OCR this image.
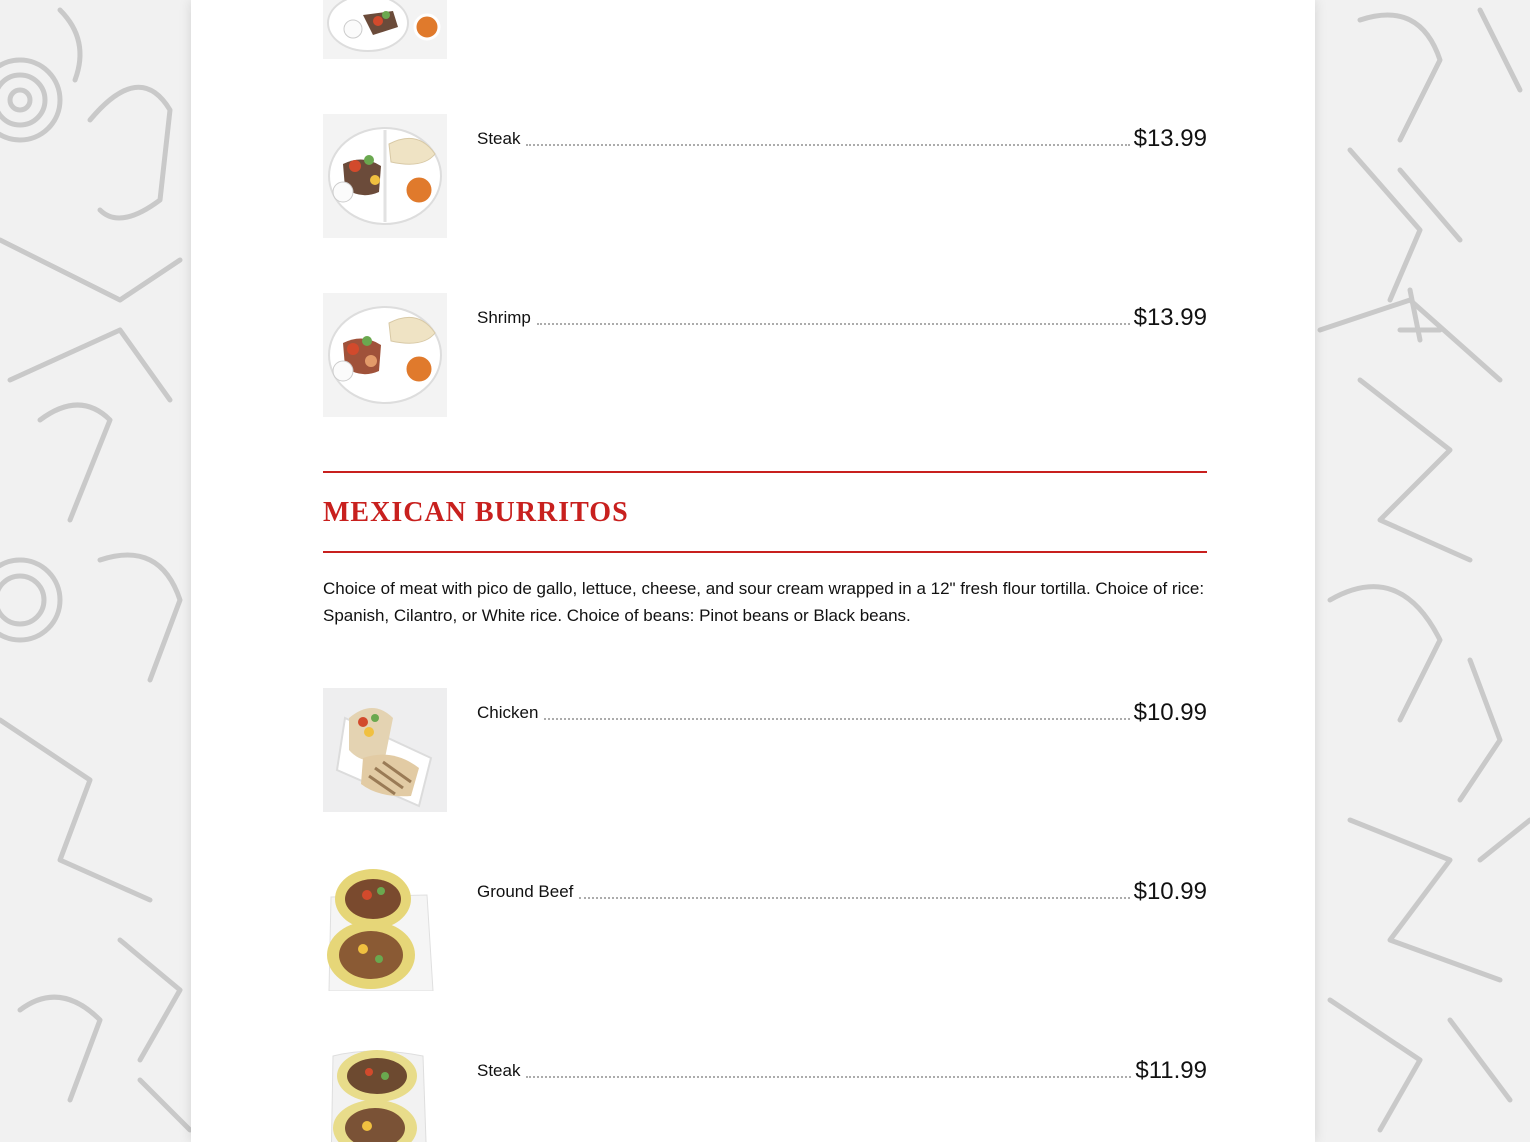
Steak	$13.99
Shrimp	$13.99
MEXICAN BURRITOS
Choice of meat with pico de gallo, lettuce, cheese, and sour cream wrapped in a 12" fresh flour tortilla. Choice of rice: Spanish, Cilantro, or White rice. Choice of beans: Pinot beans or Black beans.
Chicken	$10.99
Ground Beef	$10.99
Steak	$11.99
